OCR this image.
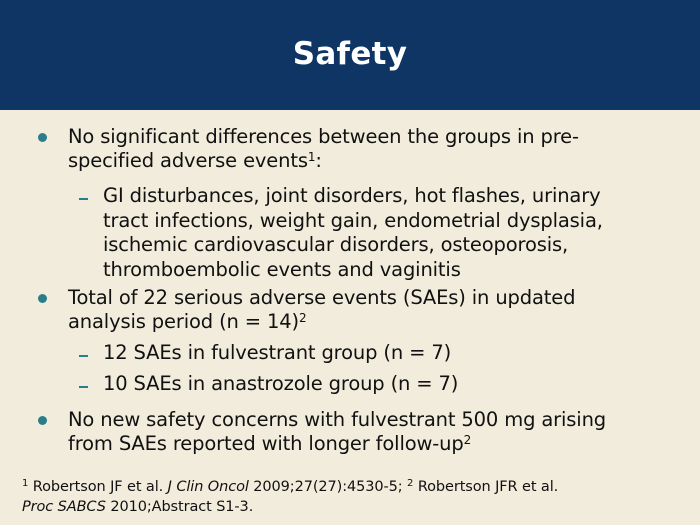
Safety
No significant differences between the groups in pre-
specified adverse events$^1$:
GI disturbances, joint disorders, hot flashes, urinary
tract infections, weight gain, endometrial dysplasia,
ischemic cardiovascular disorders, osteoporosis,
thromboembolic events and vaginitis
Total of 22 serious adverse events (SAEs) in updated
analysis period (n = 14)$^2$
12 SAEs in fulvestrant group (n = 7)
10 SAEs in anastrozole group (n = 7)
No new safety concerns with fulvestrant 500 mg arising
from SAEs reported with longer follow-up$^2$
$^1$ Robertson JF et al. J Clin Oncol 2009;27(27):4530-5; $^2$ Robertson JFR et al.
Proc SABCS 2010;Abstract S1-3.
